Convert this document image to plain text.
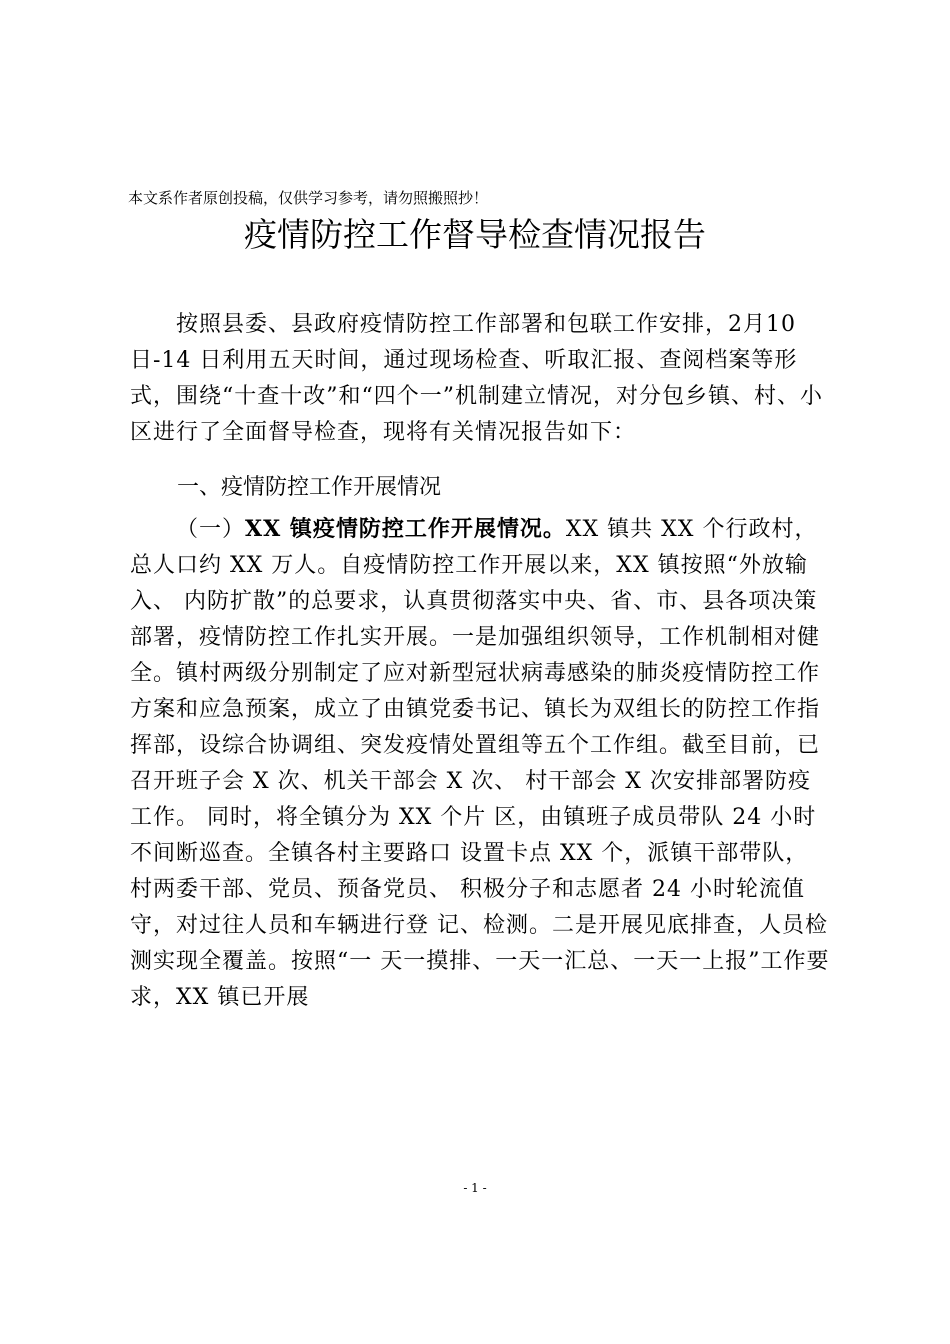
本文系作者原创投稿，仅供学习参考，请勿照搬照抄！
疫情防控工作督导检查情况报告

按照县委、县政府疫情防控工作部署和包联工作安排，2月10 日-14 日利用五天时间，通过现场检查、听取汇报、查阅档案等形式，围绕“十查十改”和“四个一”机制建立情况，对分包乡镇、村、小区进行了全面督导检查，现将有关情况报告如下：

一、疫情防控工作开展情况

（一）XX 镇疫情防控工作开展情况。XX 镇共 XX 个行政村，总人口约 XX 万人。自疫情防控工作开展以来，XX 镇按照“外放输入、 内防扩散”的总要求，认真贯彻落实中央、省、市、县各项决策部署，疫情防控工作扎实开展。一是加强组织领导，工作机制相对健全。镇村两级分别制定了应对新型冠状病毒感染的肺炎疫情防控工作方案和应急预案，成立了由镇党委书记、镇长为双组长的防控工作指挥部，设综合协调组、突发疫情处置组等五个工作组。截至目前，已召开班子会 X 次、机关干部会 X 次、 村干部会 X 次安排部署防疫工作。 同时，将全镇分为 XX 个片 区，由镇班子成员带队 24 小时不间断巡查。全镇各村主要路口 设置卡点 XX 个，派镇干部带队，村两委干部、党员、预备党员、 积极分子和志愿者 24 小时轮流值守，对过往人员和车辆进行登 记、检测。二是开展见底排查，人员检测实现全覆盖。按照“一 天一摸排、一天一汇总、一天一上报”工作要求，XX 镇已开展

- 1 -
